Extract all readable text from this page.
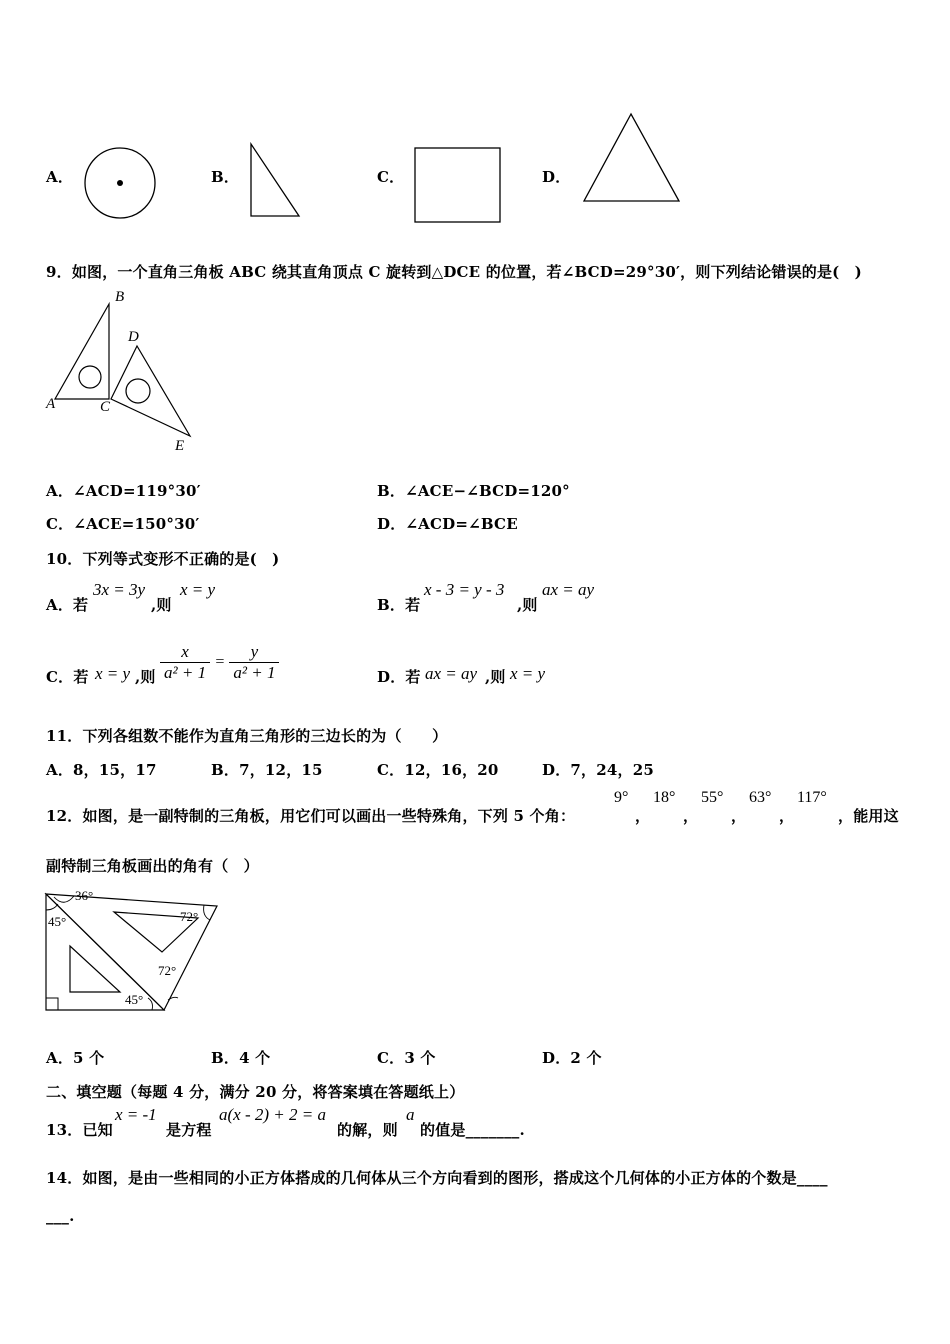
A．	B．	C．	D．
9．如图，一个直角三角板 ABC 绕其直角顶点 C 旋转到△DCE 的位置，若∠BCD=29°30′，则下列结论错误的是(　)
A
B
C
D
E
A．∠ACD=119°30′	B．∠ACE−∠BCD=120°
C．∠ACE=150°30′	D．∠ACD=∠BCE
10．下列等式变形不正确的是(　)
A．若
3x = 3y
,则
x = y
B．若
x - 3 = y - 3
,则
ax = ay
C．若 x = y ,则 $\frac{x}{\text{a² + 1}} = \frac{y}{\text{a² + 1}}$	D．若 ax = ay ,则 x = y
11．下列各组数不能作为直角三角形的三边长的为（　　）
A．8，15，17	B．7，12，15	C．12，16，20	D．7，24，25
12．如图，是一副特制的三角板，用它们可以画出一些特殊角，下列 5 个角：
9°
，
18°
，
55°
，
63°
，
117°
，能用这
副特制三角板画出的角有（　）
36°
45°	72°
72°
45°
A．5 个	B．4 个	C．3 个	D．2 个
二、填空题（每题 4 分，满分 20 分，将答案填在答题纸上）
13．已知
x = -1
是方程
a(x - 2) + 2 = a
的解，则
a
的值是_______.
14．如图，是由一些相同的小正方体搭成的几何体从三个方向看到的图形，搭成这个几何体的小正方体的个数是____
___.
